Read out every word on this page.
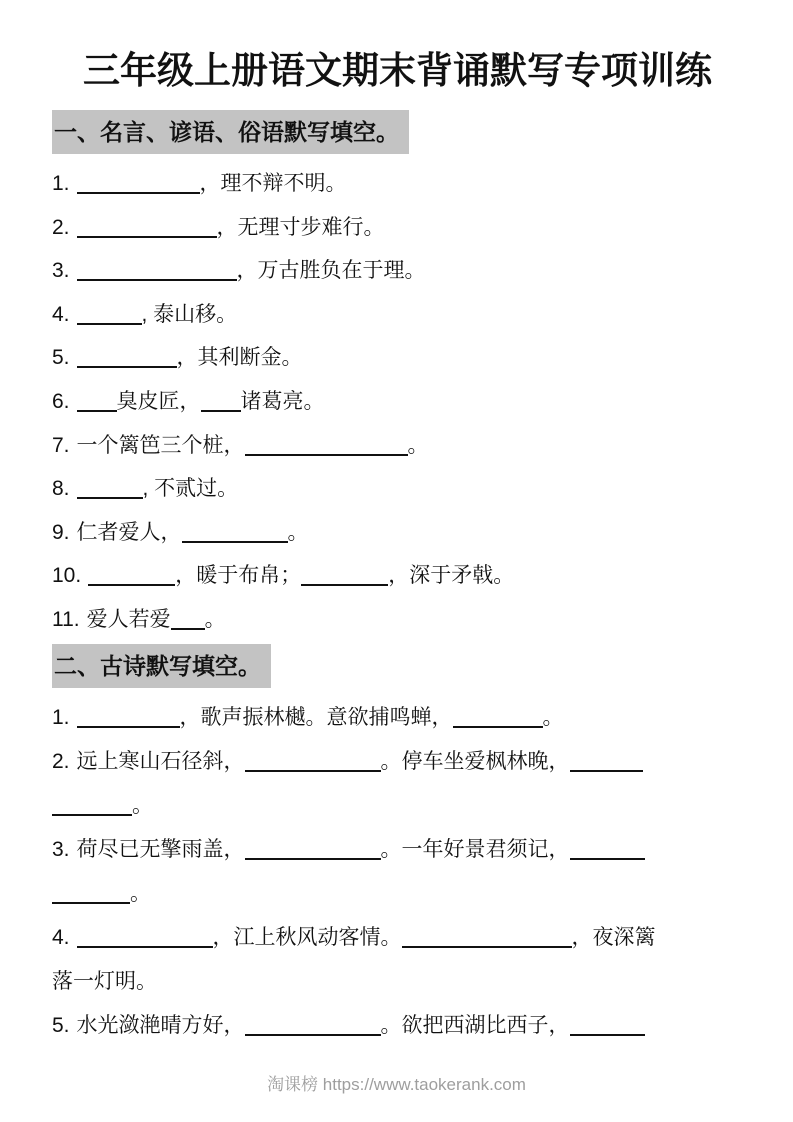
三年级上册语文期末背诵默写专项训练
一、名言、谚语、俗语默写填空。
1.	，理不辩不明。
2.	，无理寸步难行。
3.	，万古胜负在于理。
4.	, 泰山移。
5.	，其利断金。
6. 臭皮匠， 诸葛亮。
7. 一个篱笆三个桩，	。
8.	, 不贰过。
9. 仁者爱人，	。
10.	，暖于布帛；	，深于矛戟。
11. 爱人若爱 。
二、古诗默写填空。
1.	，歌声振林樾。意欲捕鸣蝉，	。
2. 远上寒山石径斜，	。停车坐爱枫林晚，
。
3. 荷尽已无擎雨盖，	。一年好景君须记，
。
4.	，江上秋风动客情。	，夜深篱
落一灯明。
5. 水光潋滟晴方好，	。欲把西湖比西子，
淘课榜 https://www.taokerank.com
